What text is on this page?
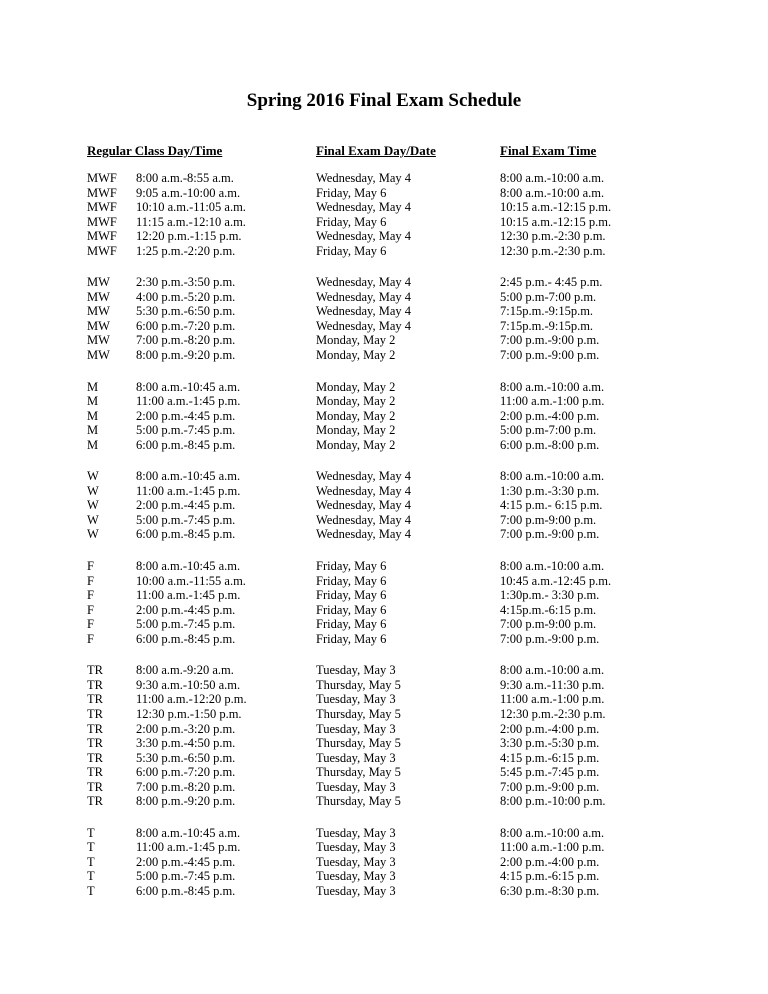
Spring 2016 Final Exam Schedule
Regular Class Day/Time	Final Exam Day/Date	Final Exam Time
MWF 8:00 a.m.-8:55 a.m.	Wednesday, May 4	8:00 a.m.-10:00 a.m.
MWF 9:05 a.m.-10:00 a.m.	Friday, May 6	8:00 a.m.-10:00 a.m.
MWF 10:10 a.m.-11:05 a.m.	Wednesday, May 4	10:15 a.m.-12:15 p.m.
MWF 11:15 a.m.-12:10 a.m.	Friday, May 6	10:15 a.m.-12:15 p.m.
MWF 12:20 p.m.-1:15 p.m.	Wednesday, May 4	12:30 p.m.-2:30 p.m.
MWF 1:25 p.m.-2:20 p.m.	Friday, May 6	12:30 p.m.-2:30 p.m.
MW 2:30 p.m.-3:50 p.m.	Wednesday, May 4	2:45 p.m.- 4:45 p.m.
MW 4:00 p.m.-5:20 p.m.	Wednesday, May 4	5:00 p.m-7:00 p.m.
MW 5:30 p.m.-6:50 p.m.	Wednesday, May 4	7:15p.m.-9:15p.m.
MW 6:00 p.m.-7:20 p.m.	Wednesday, May 4	7:15p.m.-9:15p.m.
MW 7:00 p.m.-8:20 p.m.	Monday, May 2	7:00 p.m.-9:00 p.m.
MW 8:00 p.m.-9:20 p.m.	Monday, May 2	7:00 p.m.-9:00 p.m.
M	8:00 a.m.-10:45 a.m.	Monday, May 2	8:00 a.m.-10:00 a.m.
M	11:00 a.m.-1:45 p.m.	Monday, May 2	11:00 a.m.-1:00 p.m.
M	2:00 p.m.-4:45 p.m.	Monday, May 2	2:00 p.m.-4:00 p.m.
M	5:00 p.m.-7:45 p.m.	Monday, May 2	5:00 p.m-7:00 p.m.
M	6:00 p.m.-8:45 p.m.	Monday, May 2	6:00 p.m.-8:00 p.m.
W	8:00 a.m.-10:45 a.m.	Wednesday, May 4	8:00 a.m.-10:00 a.m.
W	11:00 a.m.-1:45 p.m.	Wednesday, May 4	1:30 p.m.-3:30 p.m.
W	2:00 p.m.-4:45 p.m.	Wednesday, May 4	4:15 p.m.- 6:15 p.m.
W	5:00 p.m.-7:45 p.m.	Wednesday, May 4	7:00 p.m-9:00 p.m.
W	6:00 p.m.-8:45 p.m.	Wednesday, May 4	7:00 p.m.-9:00 p.m.
F	8:00 a.m.-10:45 a.m.	Friday, May 6	8:00 a.m.-10:00 a.m.
F	10:00 a.m.-11:55 a.m.	Friday, May 6	10:45 a.m.-12:45 p.m.
F	11:00 a.m.-1:45 p.m.	Friday, May 6	1:30p.m.- 3:30 p.m.
F	2:00 p.m.-4:45 p.m.	Friday, May 6	4:15p.m.-6:15 p.m.
F	5:00 p.m.-7:45 p.m.	Friday, May 6	7:00 p.m-9:00 p.m.
F	6:00 p.m.-8:45 p.m.	Friday, May 6	7:00 p.m.-9:00 p.m.
TR	8:00 a.m.-9:20 a.m.	Tuesday, May 3	8:00 a.m.-10:00 a.m.
TR	9:30 a.m.-10:50 a.m.	Thursday, May 5	9:30 a.m.-11:30 p.m.
TR	11:00 a.m.-12:20 p.m.	Tuesday, May 3	11:00 a.m.-1:00 p.m.
TR	12:30 p.m.-1:50 p.m.	Thursday, May 5	12:30 p.m.-2:30 p.m.
TR	2:00 p.m.-3:20 p.m.	Tuesday, May 3	2:00 p.m.-4:00 p.m.
TR	3:30 p.m.-4:50 p.m.	Thursday, May 5	3:30 p.m.-5:30 p.m.
TR	5:30 p.m.-6:50 p.m.	Tuesday, May 3	4:15 p.m.-6:15 p.m.
TR	6:00 p.m.-7:20 p.m.	Thursday, May 5	5:45 p.m.-7:45 p.m.
TR	7:00 p.m.-8:20 p.m.	Tuesday, May 3	7:00 p.m.-9:00 p.m.
TR	8:00 p.m.-9:20 p.m.	Thursday, May 5	8:00 p.m.-10:00 p.m.
T	8:00 a.m.-10:45 a.m.	Tuesday, May 3	8:00 a.m.-10:00 a.m.
T	11:00 a.m.-1:45 p.m.	Tuesday, May 3	11:00 a.m.-1:00 p.m.
T	2:00 p.m.-4:45 p.m.	Tuesday, May 3	2:00 p.m.-4:00 p.m.
T	5:00 p.m.-7:45 p.m.	Tuesday, May 3	4:15 p.m.-6:15 p.m.
T	6:00 p.m.-8:45 p.m.	Tuesday, May 3	6:30 p.m.-8:30 p.m.
